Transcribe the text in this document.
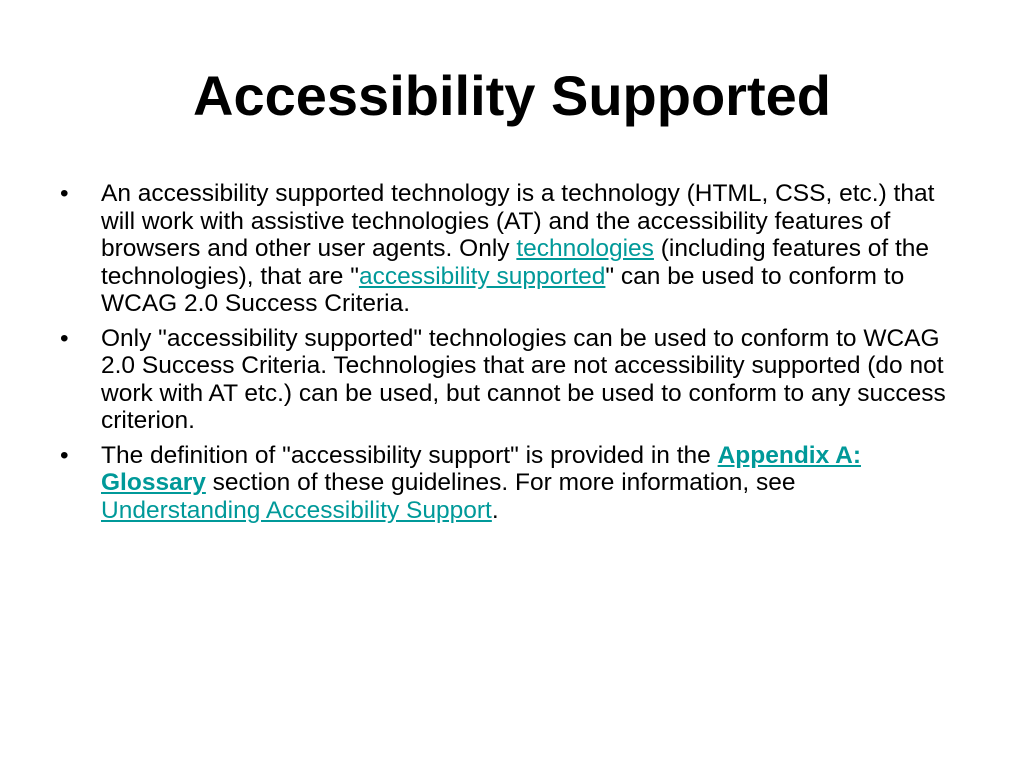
Accessibility Supported
• An accessibility supported technology is a technology (HTML, CSS, etc.) that will work with assistive technologies (AT) and the accessibility features of browsers and other user agents. Only technologies (including features of the technologies), that are "accessibility supported" can be used to conform to WCAG 2.0 Success Criteria.
• Only "accessibility supported" technologies can be used to conform to WCAG 2.0 Success Criteria. Technologies that are not accessibility supported (do not work with AT etc.) can be used, but cannot be used to conform to any success criterion.
• The definition of "accessibility support" is provided in the Appendix A: Glossary section of these guidelines. For more information, see Understanding Accessibility Support.
